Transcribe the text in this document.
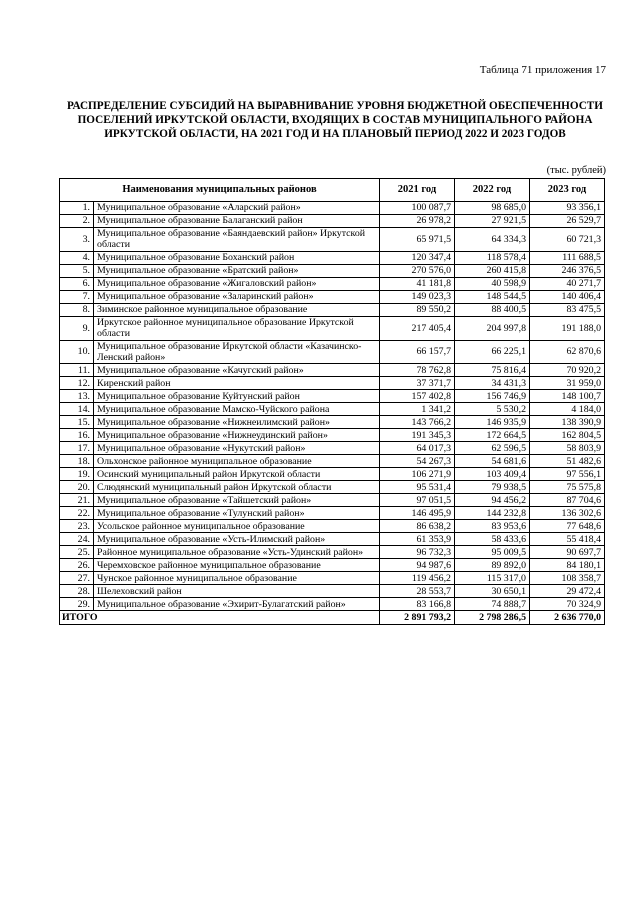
Таблица 71 приложения 17
РАСПРЕДЕЛЕНИЕ СУБСИДИЙ НА ВЫРАВНИВАНИЕ УРОВНЯ БЮДЖЕТНОЙ ОБЕСПЕЧЕННОСТИ
ПОСЕЛЕНИЙ ИРКУТСКОЙ ОБЛАСТИ, ВХОДЯЩИХ В СОСТАВ МУНИЦИПАЛЬНОГО РАЙОНА
ИРКУТСКОЙ ОБЛАСТИ, НА 2021 ГОД И НА ПЛАНОВЫЙ ПЕРИОД 2022 И 2023 ГОДОВ
(тыс. рублей)
Наименования муниципальных районов		2021 год	2022 год	2023 год
1.	Муниципальное образование «Аларский район»	100 087,7	98 685,0	93 356,1
2.	Муниципальное образование Балаганский район	26 978,2	27 921,5	26 529,7
3.	Муниципальное образование «Баяндаевский район» Иркутской области	65 971,5	64 334,3	60 721,3
4.	Муниципальное образование Боханский район	120 347,4	118 578,4	111 688,5
5.	Муниципальное образование «Братский район»	270 576,0	260 415,8	246 376,5
6.	Муниципальное образование «Жигаловский район»	41 181,8	40 598,9	40 271,7
7.	Муниципальное образование «Заларинский район»	149 023,3	148 544,5	140 406,4
8.	Зиминское районное муниципальное образование	89 550,2	88 400,5	83 475,5
9.	Иркутское районное муниципальное образование Иркутской области	217 405,4	204 997,8	191 188,0
10.	Муниципальное образование Иркутской области «Казачинско-Ленский район»	66 157,7	66 225,1	62 870,6
11.	Муниципальное образование «Качугский район»	78 762,8	75 816,4	70 920,2
12.	Киренский район	37 371,7	34 431,3	31 959,0
13.	Муниципальное образование Куйтунский район	157 402,8	156 746,9	148 100,7
14.	Муниципальное образование Мамско-Чуйского района	1 341,2	5 530,2	4 184,0
15.	Муниципальное образование «Нижнеилимский район»	143 766,2	146 935,9	138 390,9
16.	Муниципальное образование «Нижнеудинский район»	191 345,3	172 664,5	162 804,5
17.	Муниципальное образование «Нукутский район»	64 017,3	62 596,5	58 803,9
18.	Ольхонское районное муниципальное образование	54 267,3	54 681,6	51 482,6
19.	Осинский муниципальный район Иркутской области	106 271,9	103 409,4	97 556,1
20.	Слюдянский муниципальный район Иркутской области	95 531,4	79 938,5	75 575,8
21.	Муниципальное образование «Тайшетский район»	97 051,5	94 456,2	87 704,6
22.	Муниципальное образование «Тулунский район»	146 495,9	144 232,8	136 302,6
23.	Усольское районное муниципальное образование	86 638,2	83 953,6	77 648,6
24.	Муниципальное образование «Усть-Илимский район»	61 353,9	58 433,6	55 418,4
25.	Районное муниципальное образование «Усть-Удинский район»	96 732,3	95 009,5	90 697,7
26.	Черемховское районное муниципальное образование	94 987,6	89 892,0	84 180,1
27.	Чунское районное муниципальное образование	119 456,2	115 317,0	108 358,7
28.	Шелеховский район	28 553,7	30 650,1	29 472,4
29.	Муниципальное образование «Эхирит-Булагатский район»	83 166,8	74 888,7	70 324,9
ИТОГО		2 891 793,2	2 798 286,5	2 636 770,0
